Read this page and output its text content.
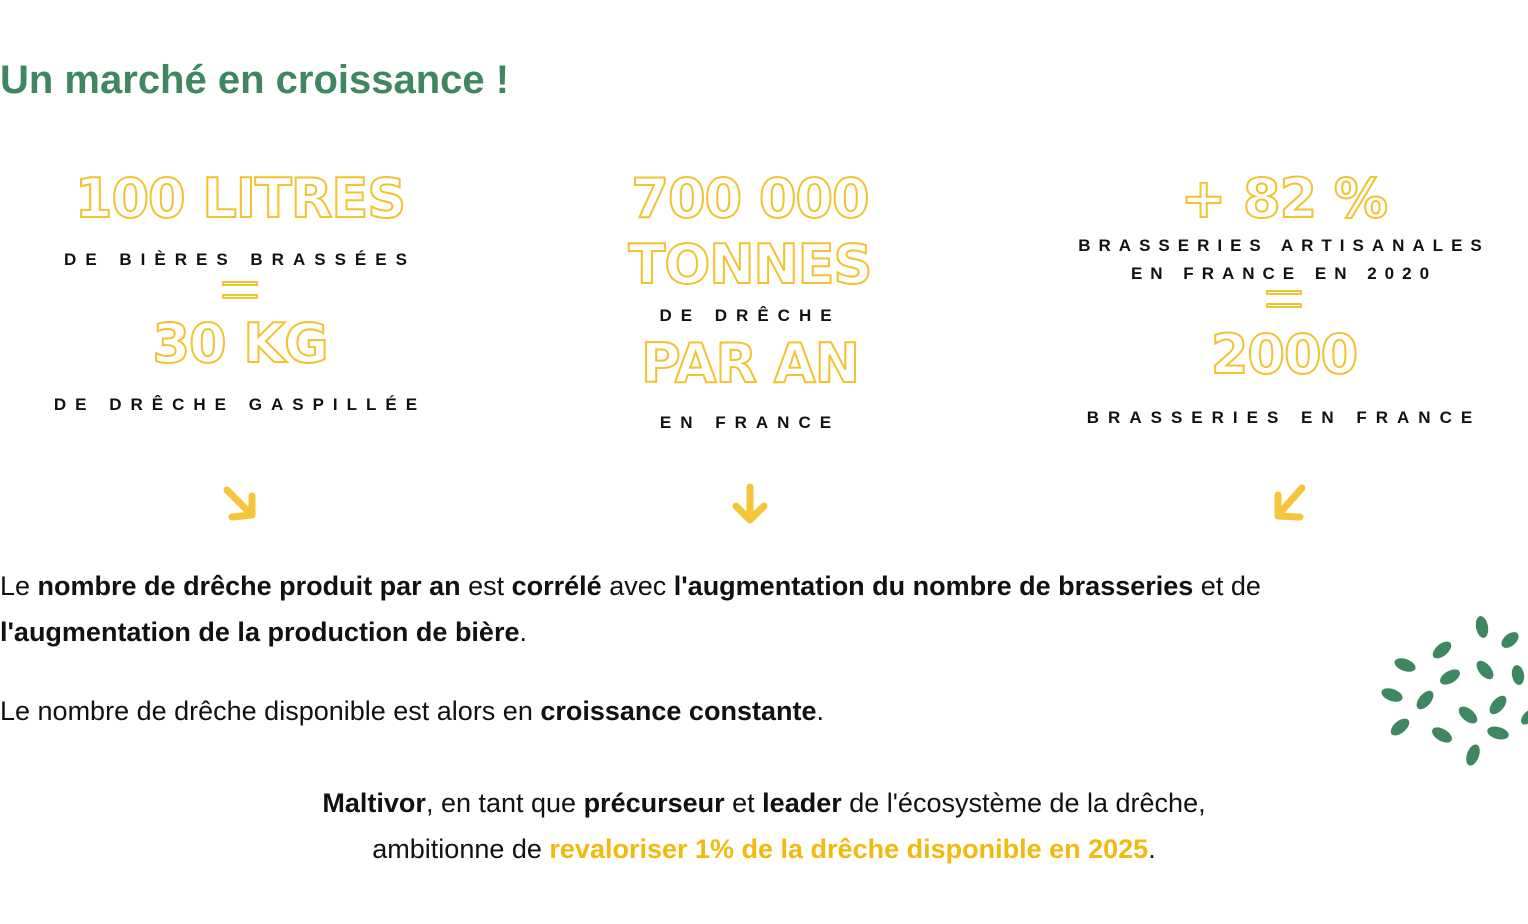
Un marché en croissance !
100 LITRES
DE BIÈRES BRASSÉES
30 KG
DE DRÊCHE GASPILLÉE
700 000
TONNES
DE DRÊCHE
PAR AN
EN FRANCE
+ 82 %
BRASSERIES ARTISANALES
EN FRANCE EN 2020
2000
BRASSERIES EN FRANCE

Le nombre de drêche produit par an est corrélé avec l'augmentation du nombre de brasseries et de
l'augmentation de la production de bière.

Le nombre de drêche disponible est alors en croissance constante.

Maltivor, en tant que précurseur et leader de l'écosystème de la drêche,
ambitionne de revaloriser 1% de la drêche disponible en 2025.
